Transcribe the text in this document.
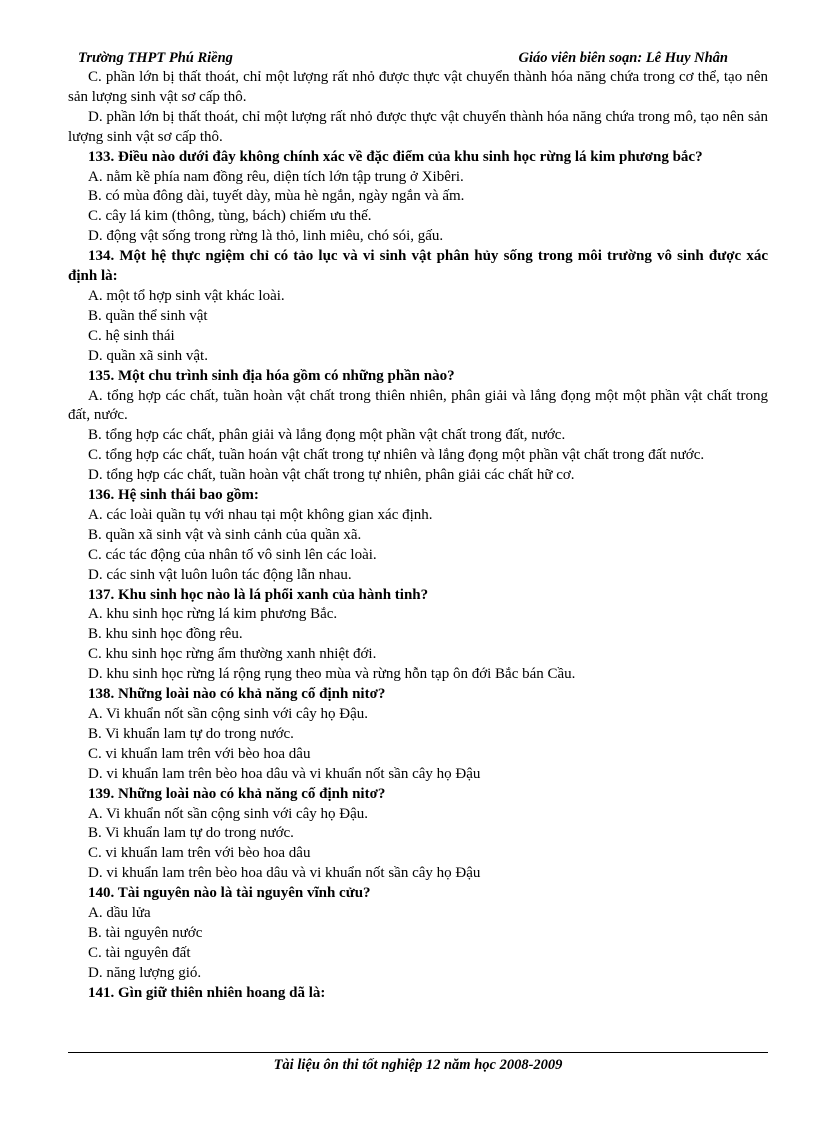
Trường THPT Phú Riềng	Giáo viên biên soạn: Lê Huy Nhân

C. phần lớn bị thất thoát, chỉ một lượng rất nhỏ được thực vật chuyển thành hóa năng chứa trong cơ thể, tạo nên sản lượng sinh vật sơ cấp thô.

D. phần lớn bị thất thoát, chỉ một lượng rất nhỏ được thực vật chuyển thành hóa năng chứa trong mô, tạo nên sản lượng sinh vật sơ cấp thô.

133. Điều nào dưới đây không chính xác về đặc điểm của khu sinh học rừng lá kim phương bắc?

A. nằm kề phía nam đồng rêu, diện tích lớn tập trung ở Xibêri.

B. có mùa đông dài, tuyết dày, mùa hè ngắn, ngày ngắn và ấm.

C. cây lá kim (thông, tùng, bách) chiếm ưu thế.

D. động vật sống trong rừng là thỏ, linh miêu, chó sói, gấu.

134. Một hệ thực ngiệm chỉ có tảo lục và vi sinh vật phân hủy sống trong môi trường vô sinh được xác định là:

A. một tổ hợp sinh vật khác loài.

B. quần thể sinh vật

C. hệ sinh thái

D. quần xã sinh vật.

135. Một chu trình sinh địa hóa gồm có những phần nào?

A. tổng hợp các chất, tuần hoàn vật chất trong thiên nhiên, phân giải và lắng đọng một một phần vật chất trong đất, nước.

B. tổng hợp các chất, phân giải và lắng đọng một phần vật chất trong đất, nước.

C. tổng hợp các chất, tuần hoán vật chất trong tự nhiên và lắng đọng một phần vật chất trong đất nước.

D. tổng hợp các chất, tuần hoàn vật chất trong tự nhiên, phân giải các chất hữ cơ.

136. Hệ sinh thái bao gồm:

A. các loài quần tụ với nhau tại một không gian xác định.

B. quần xã sinh vật và sinh cảnh của quần xã.

C. các tác động của nhân tố vô sinh lên các loài.

D. các sinh vật luôn luôn tác động lẫn nhau.

137. Khu sinh học nào là lá phổi xanh của hành tinh?

A. khu sinh học rừng lá kim phương Bắc.

B. khu sinh học đồng rêu.

C. khu sinh học rừng ẩm thường xanh nhiệt đới.

D. khu sinh học rừng lá rộng rụng theo mùa và rừng hỗn tạp ôn đới Bắc bán Cầu.

138. Những loài nào có khả năng cố định nitơ?

A. Vi khuẩn nốt sần cộng sinh với cây họ Đậu.

B. Vi khuẩn lam tự do trong nước.

C. vi khuẩn lam trên với bèo hoa dâu

D. vi khuẩn lam trên bèo hoa dâu và vi khuẩn nốt sần cây họ Đậu

139. Những loài nào có khả năng cố định nitơ?

A. Vi khuẩn nốt sần cộng sinh với cây họ Đậu.

B. Vi khuẩn lam tự do trong nước.

C. vi khuẩn lam trên với bèo hoa dâu

D. vi khuẩn lam trên bèo hoa dâu và vi khuẩn nốt sần cây họ Đậu

140. Tài nguyên nào là tài nguyên vĩnh cửu?

A. dầu lửa

B. tài nguyên nước

C. tài nguyên đất

D. năng lượng gió.

141. Gìn giữ thiên nhiên hoang dã là:

Tài liệu ôn thi tốt nghiệp 12 năm học 2008-2009
